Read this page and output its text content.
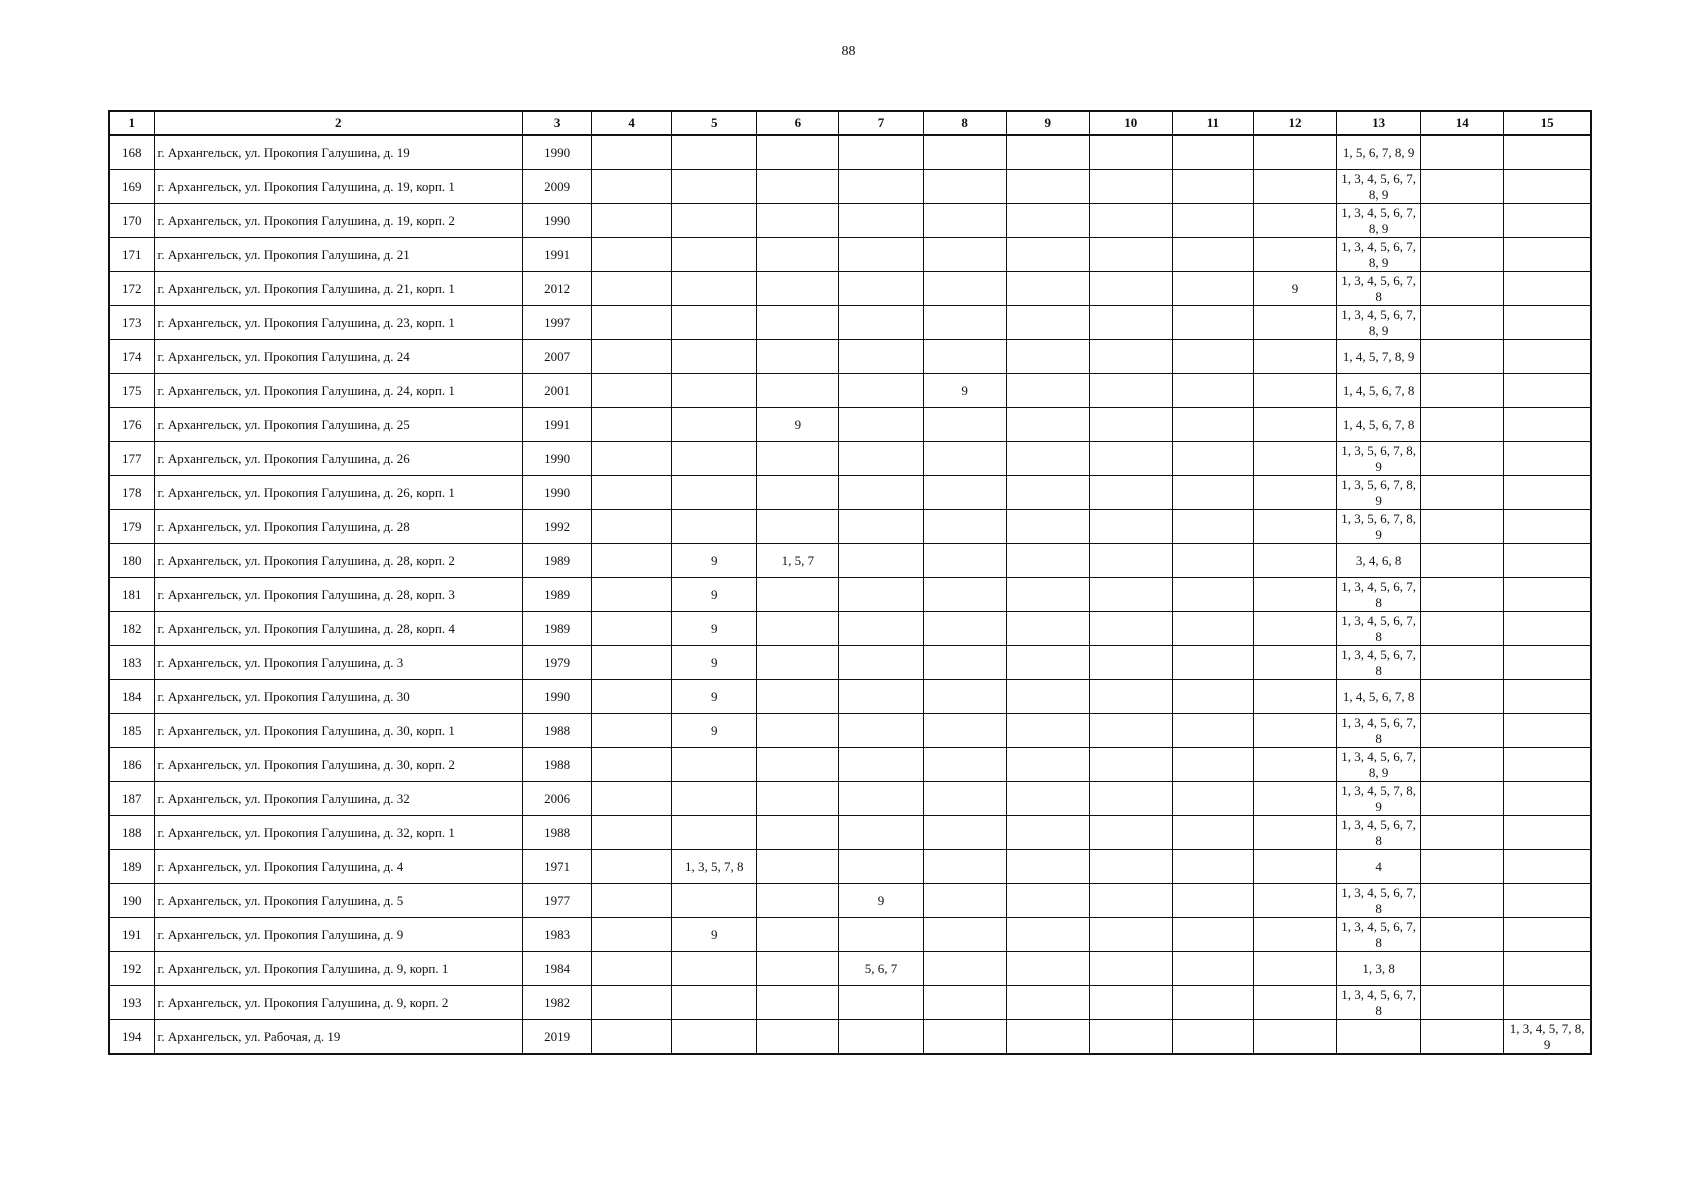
88
1	2	3	4	5	6	7	8	9	10	11	12	13	14	15
168	г. Архангельск, ул. Прокопия Галушина, д. 19	1990										1, 5, 6, 7, 8, 9		
169	г. Архангельск, ул. Прокопия Галушина, д. 19, корп. 1	2009										1, 3, 4, 5, 6, 7, 8, 9		
170	г. Архангельск, ул. Прокопия Галушина, д. 19, корп. 2	1990										1, 3, 4, 5, 6, 7, 8, 9		
171	г. Архангельск, ул. Прокопия Галушина, д. 21	1991										1, 3, 4, 5, 6, 7, 8, 9		
172	г. Архангельск, ул. Прокопия Галушина, д. 21, корп. 1	2012									9	1, 3, 4, 5, 6, 7, 8		
173	г. Архангельск, ул. Прокопия Галушина, д. 23, корп. 1	1997										1, 3, 4, 5, 6, 7, 8, 9		
174	г. Архангельск, ул. Прокопия Галушина, д. 24	2007										1, 4, 5, 7, 8, 9		
175	г. Архангельск, ул. Прокопия Галушина, д. 24, корп. 1	2001					9					1, 4, 5, 6, 7, 8		
176	г. Архангельск, ул. Прокопия Галушина, д. 25	1991			9							1, 4, 5, 6, 7, 8		
177	г. Архангельск, ул. Прокопия Галушина, д. 26	1990										1, 3, 5, 6, 7, 8, 9		
178	г. Архангельск, ул. Прокопия Галушина, д. 26, корп. 1	1990										1, 3, 5, 6, 7, 8, 9		
179	г. Архангельск, ул. Прокопия Галушина, д. 28	1992										1, 3, 5, 6, 7, 8, 9		
180	г. Архангельск, ул. Прокопия Галушина, д. 28, корп. 2	1989		9	1, 5, 7							3, 4, 6, 8		
181	г. Архангельск, ул. Прокопия Галушина, д. 28, корп. 3	1989		9								1, 3, 4, 5, 6, 7, 8		
182	г. Архангельск, ул. Прокопия Галушина, д. 28, корп. 4	1989		9								1, 3, 4, 5, 6, 7, 8		
183	г. Архангельск, ул. Прокопия Галушина, д. 3	1979		9								1, 3, 4, 5, 6, 7, 8		
184	г. Архангельск, ул. Прокопия Галушина, д. 30	1990		9								1, 4, 5, 6, 7, 8		
185	г. Архангельск, ул. Прокопия Галушина, д. 30, корп. 1	1988		9								1, 3, 4, 5, 6, 7, 8		
186	г. Архангельск, ул. Прокопия Галушина, д. 30, корп. 2	1988										1, 3, 4, 5, 6, 7, 8, 9		
187	г. Архангельск, ул. Прокопия Галушина, д. 32	2006										1, 3, 4, 5, 7, 8, 9		
188	г. Архангельск, ул. Прокопия Галушина, д. 32, корп. 1	1988										1, 3, 4, 5, 6, 7, 8		
189	г. Архангельск, ул. Прокопия Галушина, д. 4	1971		1, 3, 5, 7, 8								4		
190	г. Архангельск, ул. Прокопия Галушина, д. 5	1977				9						1, 3, 4, 5, 6, 7, 8		
191	г. Архангельск, ул. Прокопия Галушина, д. 9	1983		9								1, 3, 4, 5, 6, 7, 8		
192	г. Архангельск, ул. Прокопия Галушина, д. 9, корп. 1	1984				5, 6, 7						1, 3, 8		
193	г. Архангельск, ул. Прокопия Галушина, д. 9, корп. 2	1982										1, 3, 4, 5, 6, 7, 8		
194	г. Архангельск, ул. Рабочая, д. 19	2019												1, 3, 4, 5, 7, 8, 9
